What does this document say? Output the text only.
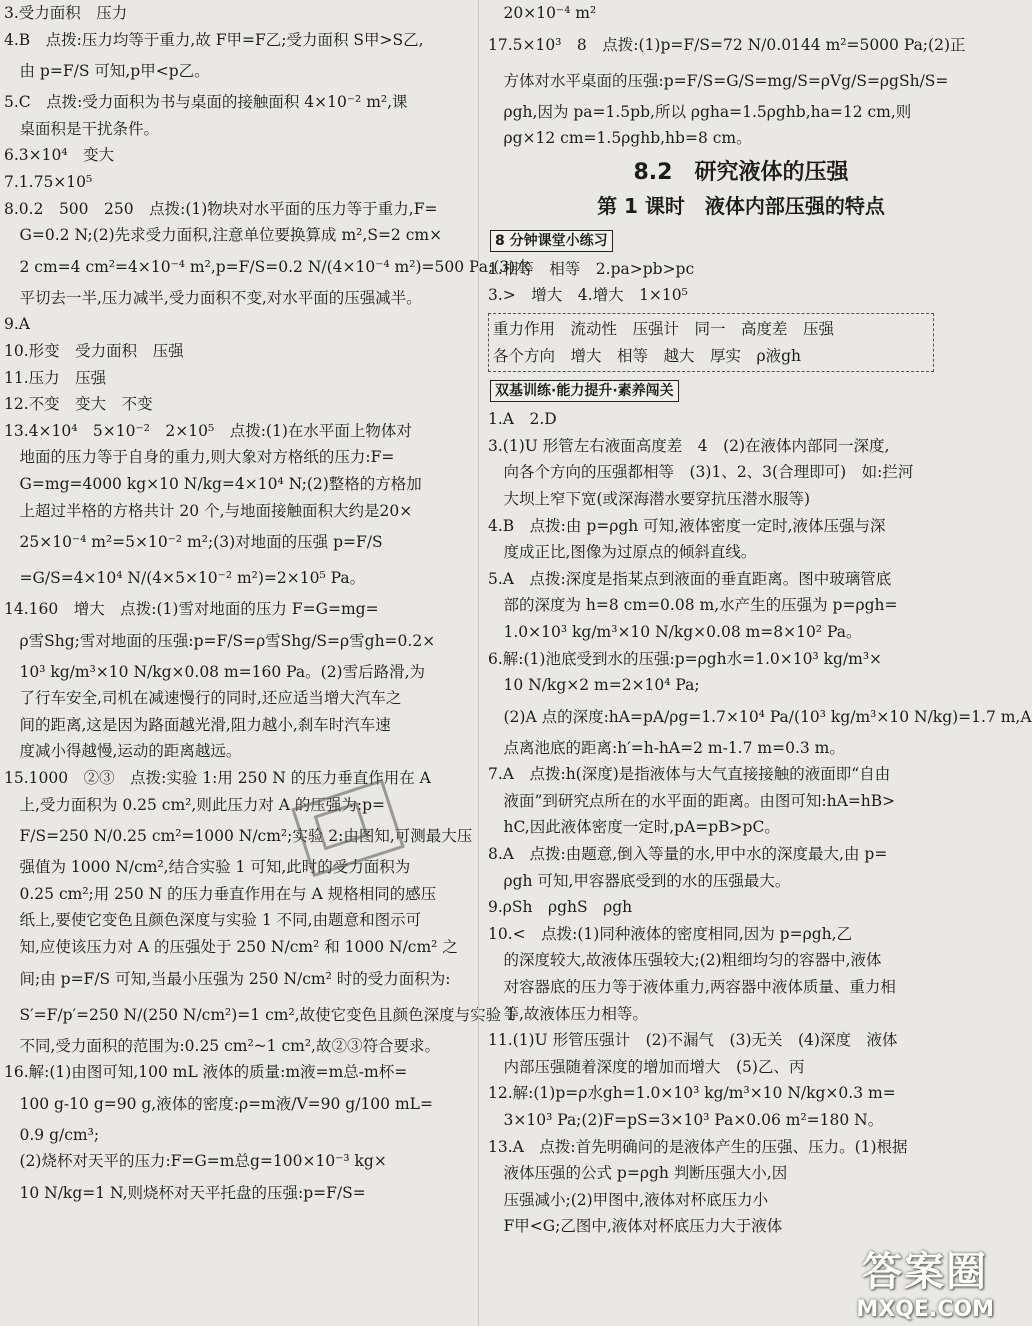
3.受力面积　压力
4.B　点拨:压力均等于重力,故 F甲=F乙;受力面积 S甲>S乙,
　由 p=F/S 可知,p甲<p乙。
5.C　点拨:受力面积为书与桌面的接触面积 4×10⁻² m²,课
　桌面积是干扰条件。
6.3×10⁴　变大
7.1.75×10⁵
8.0.2　500　250　点拨:(1)物块对水平面的压力等于重力,F=
　G=0.2 N;(2)先求受力面积,注意单位要换算成 m²,S=2 cm×
　2 cm=4 cm²=4×10⁻⁴ m²,p=F/S=0.2 N/(4×10⁻⁴ m²)=500 Pa;(3)水
　平切去一半,压力减半,受力面积不变,对水平面的压强减半。
9.A
10.形变　受力面积　压强
11.压力　压强
12.不变　变大　不变
13.4×10⁴　5×10⁻²　2×10⁵　点拨:(1)在水平面上物体对
　地面的压力等于自身的重力,则大象对方格纸的压力:F=
　G=mg=4000 kg×10 N/kg=4×10⁴ N;(2)整格的方格加
　上超过半格的方格共计 20 个,与地面接触面积大约是20×
　25×10⁻⁴ m²=5×10⁻² m²;(3)对地面的压强 p=F/S
　=G/S=4×10⁴ N/(4×5×10⁻² m²)=2×10⁵ Pa。
14.160　增大　点拨:(1)雪对地面的压力 F=G=mg=
　ρ雪Shg;雪对地面的压强:p=F/S=ρ雪Shg/S=ρ雪gh=0.2×
　10³ kg/m³×10 N/kg×0.08 m=160 Pa。(2)雪后路滑,为
　了行车安全,司机在减速慢行的同时,还应适当增大汽车之
　间的距离,这是因为路面越光滑,阻力越小,刹车时汽车速
　度减小得越慢,运动的距离越远。
15.1000　②③　点拨:实验 1:用 250 N 的压力垂直作用在 A
　上,受力面积为 0.25 cm²,则此压力对 A 的压强为:p=
　F/S=250 N/0.25 cm²=1000 N/cm²;实验 2:由图知,可测最大压
　强值为 1000 N/cm²,结合实验 1 可知,此时的受力面积为
　0.25 cm²;用 250 N 的压力垂直作用在与 A 规格相同的感压
　纸上,要使它变色且颜色深度与实验 1 不同,由题意和图示可
　知,应使该压力对 A 的压强处于 250 N/cm² 和 1000 N/cm² 之
　间;由 p=F/S 可知,当最小压强为 250 N/cm² 时的受力面积为:
　S′=F/p′=250 N/(250 N/cm²)=1 cm²,故使它变色且颜色深度与实验 1
　不同,受力面积的范围为:0.25 cm²~1 cm²,故②③符合要求。
16.解:(1)由图可知,100 mL 液体的质量:m液=m总-m杯=
　100 g-10 g=90 g,液体的密度:ρ=m液/V=90 g/100 mL=
　0.9 g/cm³;
　(2)烧杯对天平的压力:F=G=m总g=100×10⁻³ kg×
　10 N/kg=1 N,则烧杯对天平托盘的压强:p=F/S=
　20×10⁻⁴ m²
17.5×10³　8　点拨:(1)p=F/S=72 N/0.0144 m²=5000 Pa;(2)正
　方体对水平桌面的压强:p=F/S=G/S=mg/S=ρVg/S=ρgSh/S=
　ρgh,因为 pa=1.5pb,所以 ρgha=1.5ρghb,ha=12 cm,则
　ρg×12 cm=1.5ρghb,hb=8 cm。
8.2　研究液体的压强
第 1 课时　液体内部压强的特点
8 分钟课堂小练习
1.相等　相等　2.pa>pb>pc
3.>　增大　4.增大　1×10⁵
重力作用　流动性　压强计　同一　高度差　压强
各个方向　增大　相等　越大　厚实　ρ液gh
双基训练·能力提升·素养闯关
1.A　2.D
3.(1)U 形管左右液面高度差　4　(2)在液体内部同一深度,
　向各个方向的压强都相等　(3)1、2、3(合理即可)　如:拦河
　大坝上窄下宽(或深海潜水要穿抗压潜水服等)
4.B　点拨:由 p=ρgh 可知,液体密度一定时,液体压强与深
　度成正比,图像为过原点的倾斜直线。
5.A　点拨:深度是指某点到液面的垂直距离。图中玻璃管底
　部的深度为 h=8 cm=0.08 m,水产生的压强为 p=ρgh=
　1.0×10³ kg/m³×10 N/kg×0.08 m=8×10² Pa。
6.解:(1)池底受到水的压强:p=ρgh水=1.0×10³ kg/m³×
　10 N/kg×2 m=2×10⁴ Pa;
　(2)A 点的深度:hA=pA/ρg=1.7×10⁴ Pa/(10³ kg/m³×10 N/kg)=1.7 m,A
　点离池底的距离:h′=h-hA=2 m-1.7 m=0.3 m。
7.A　点拨:h(深度)是指液体与大气直接接触的液面即“自由
　液面”到研究点所在的水平面的距离。由图可知:hA=hB>
　hC,因此液体密度一定时,pA=pB>pC。
8.A　点拨:由题意,倒入等量的水,甲中水的深度最大,由 p=
　ρgh 可知,甲容器底受到的水的压强最大。
9.ρSh　ρghS　ρgh
10.<　点拨:(1)同种液体的密度相同,因为 p=ρgh,乙
　的深度较大,故液体压强较大;(2)粗细均匀的容器中,液体
　对容器底的压力等于液体重力,两容器中液体质量、重力相
　等,故液体压力相等。
11.(1)U 形管压强计　(2)不漏气　(3)无关　(4)深度　液体
　内部压强随着深度的增加而增大　(5)乙、丙
12.解:(1)p=ρ水gh=1.0×10³ kg/m³×10 N/kg×0.3 m=
　3×10³ Pa;(2)F=pS=3×10³ Pa×0.06 m²=180 N。
13.A　点拨:首先明确问的是液体产生的压强、压力。(1)根据
　液体压强的公式 p=ρgh 判断压强大小,因
　压强减小;(2)甲图中,液体对杯底压力小
　F甲<G;乙图中,液体对杯底压力大于液体
答案圈
MXQE.COM
